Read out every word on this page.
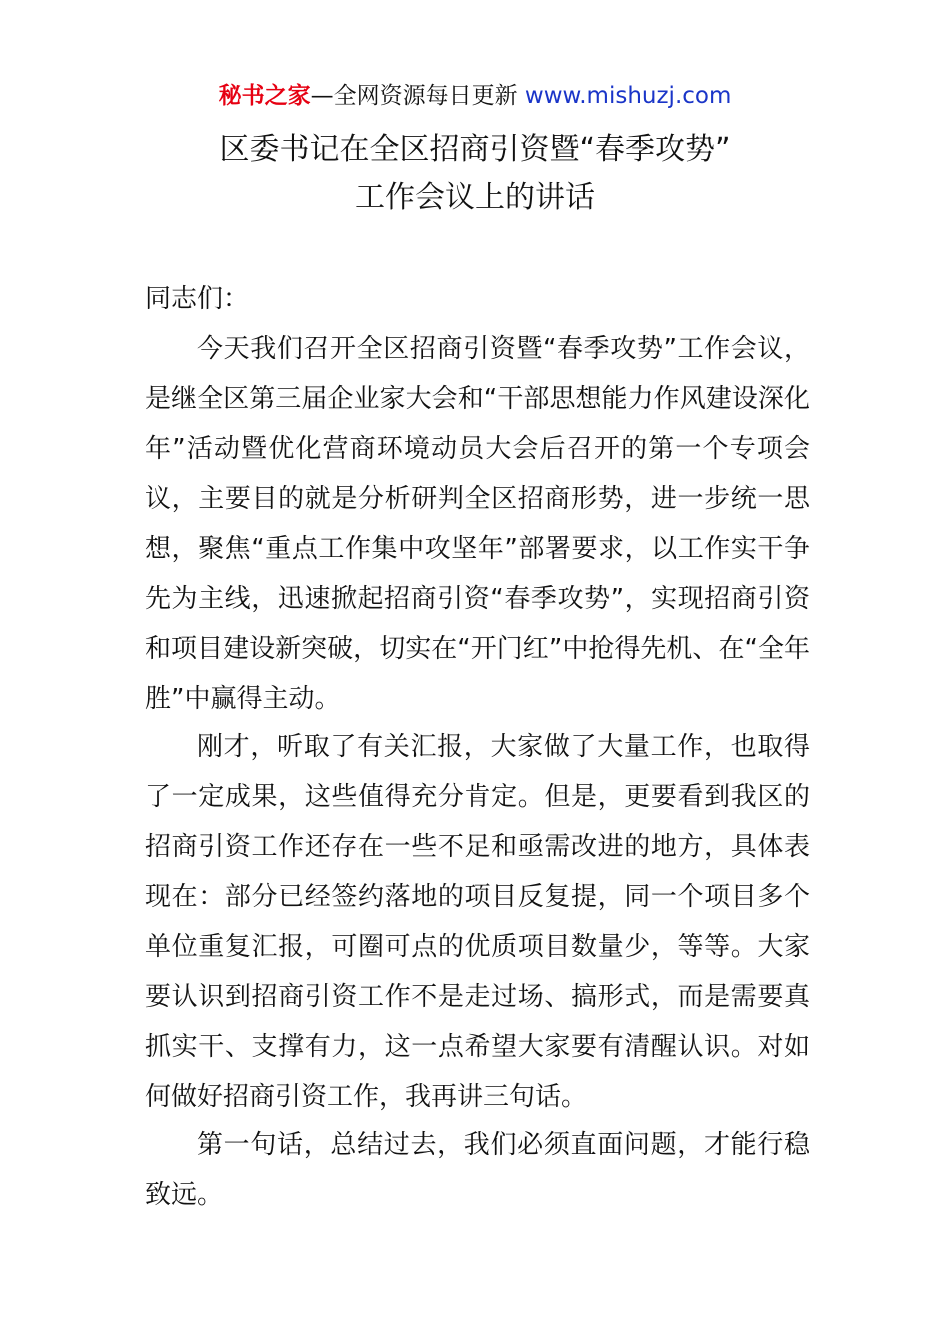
秘书之家—全网资源每日更新 www.mishuzj.com
区委书记在全区招商引资暨“春季攻势”
工作会议上的讲话
同志们：

今天我们召开全区招商引资暨“春季攻势”工作会议，是继全区第三届企业家大会和“干部思想能力作风建设深化年”活动暨优化营商环境动员大会后召开的第一个专项会议，主要目的就是分析研判全区招商形势，进一步统一思想，聚焦“重点工作集中攻坚年”部署要求，以工作实干争先为主线，迅速掀起招商引资“春季攻势”，实现招商引资和项目建设新突破，切实在“开门红”中抢得先机、在“全年胜”中赢得主动。

刚才，听取了有关汇报，大家做了大量工作，也取得了一定成果，这些值得充分肯定。但是，更要看到我区的招商引资工作还存在一些不足和亟需改进的地方，具体表现在：部分已经签约落地的项目反复提，同一个项目多个单位重复汇报，可圈可点的优质项目数量少，等等。大家要认识到招商引资工作不是走过场、搞形式，而是需要真抓实干、支撑有力，这一点希望大家要有清醒认识。对如何做好招商引资工作，我再讲三句话。

第一句话，总结过去，我们必须直面问题，才能行稳致远。
